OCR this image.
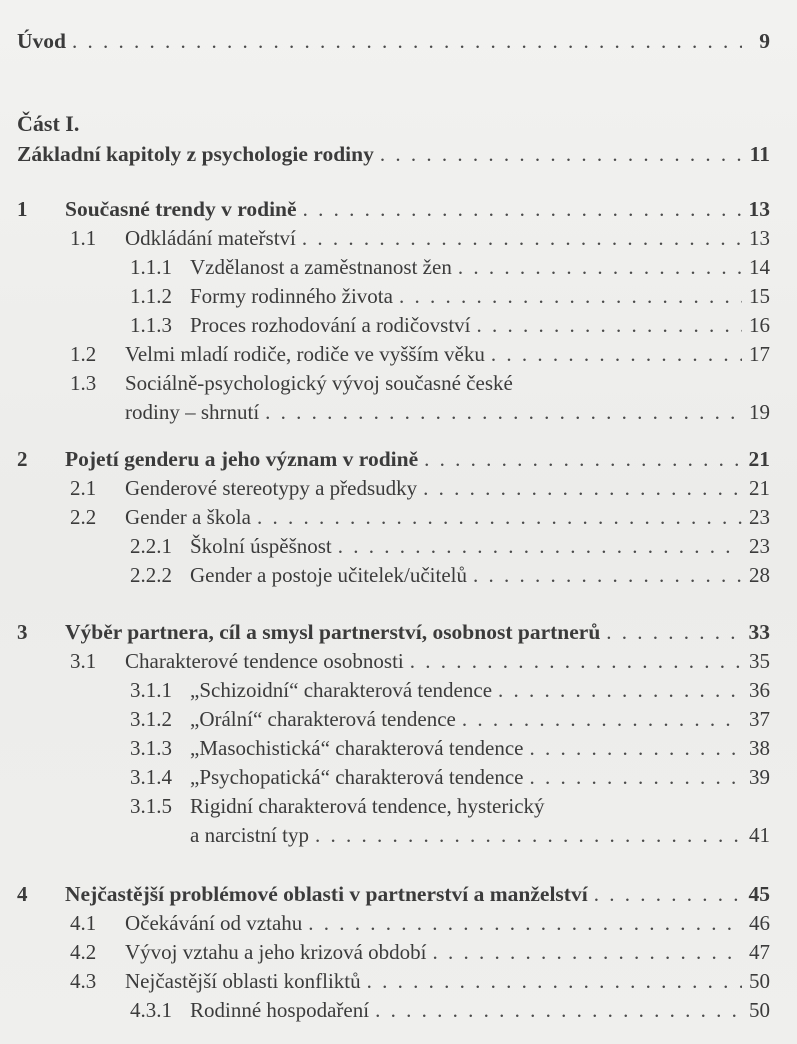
Úvod . . .	9
Část I.
Základní kapitoly z psychologie rodiny . . .	11
1 Současné trendy v rodině . . .	13
1.1 Odkládání mateřství . . .	13
1.1.1 Vzdělanost a zaměstnanost žen . . .	14
1.1.2 Formy rodinného života . . .	15
1.1.3 Proces rozhodování a rodičovství . . .	16
1.2 Velmi mladí rodiče, rodiče ve vyšším věku . . .	17
1.3 Sociálně-psychologický vývoj současné české
rodiny – shrnutí . . .	19
2 Pojetí genderu a jeho význam v rodině . . .	21
2.1 Genderové stereotypy a předsudky . . .	21
2.2 Gender a škola . . .	23
2.2.1 Školní úspěšnost . . .	23
2.2.2 Gender a postoje učitelek/učitelů . . .	28
3 Výběr partnera, cíl a smysl partnerství, osobnost partnerů . . .	33
3.1 Charakterové tendence osobnosti . . .	35
3.1.1 „Schizoidní“ charakterová tendence . . .	36
3.1.2 „Orální“ charakterová tendence . . .	37
3.1.3 „Masochistická“ charakterová tendence . . .	38
3.1.4 „Psychopatická“ charakterová tendence . . .	39
3.1.5 Rigidní charakterová tendence, hysterický
a narcistní typ . . .	41
4 Nejčastější problémové oblasti v partnerství a manželství . . .	45
4.1 Očekávání od vztahu . . .	46
4.2 Vývoj vztahu a jeho krizová období . . .	47
4.3 Nejčastější oblasti konfliktů . . .	50
4.3.1 Rodinné hospodaření . . .	50
